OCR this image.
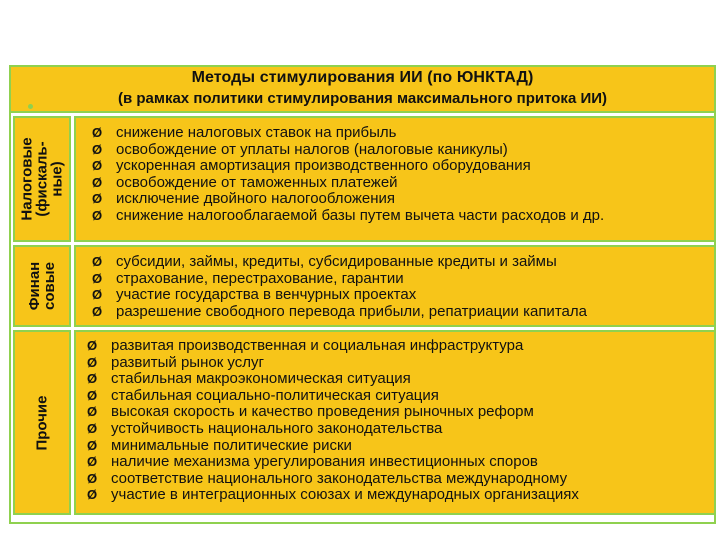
Методы стимулирования ИИ (по ЮНКТАД)
(в рамках политики стимулирования максимального притока ИИ)
Налоговые
(фискаль-
ные)
Ø снижение налоговых ставок на прибыль
Ø освобождение от уплаты налогов (налоговые каникулы)
Ø ускоренная амортизация производственного оборудования
Ø освобождение от таможенных платежей
Ø исключение двойного налогообложения
Ø снижение налогооблагаемой базы путем вычета части расходов и др.
Финан
совые
Ø субсидии, займы, кредиты, субсидированные кредиты и займы
Ø страхование, перестрахование, гарантии
Ø участие государства в венчурных проектах
Ø разрешение свободного перевода прибыли, репатриации капитала
Прочие
Ø развитая производственная и социальная инфраструктура
Ø развитый рынок услуг
Ø стабильная макроэкономическая ситуация
Ø стабильная социально-политическая ситуация
Ø высокая скорость и качество проведения рыночных реформ
Ø устойчивость национального законодательства
Ø минимальные политические риски
Ø наличие механизма урегулирования инвестиционных споров
Ø соответствие национального законодательства международному
Ø участие в интеграционных союзах и международных организациях
